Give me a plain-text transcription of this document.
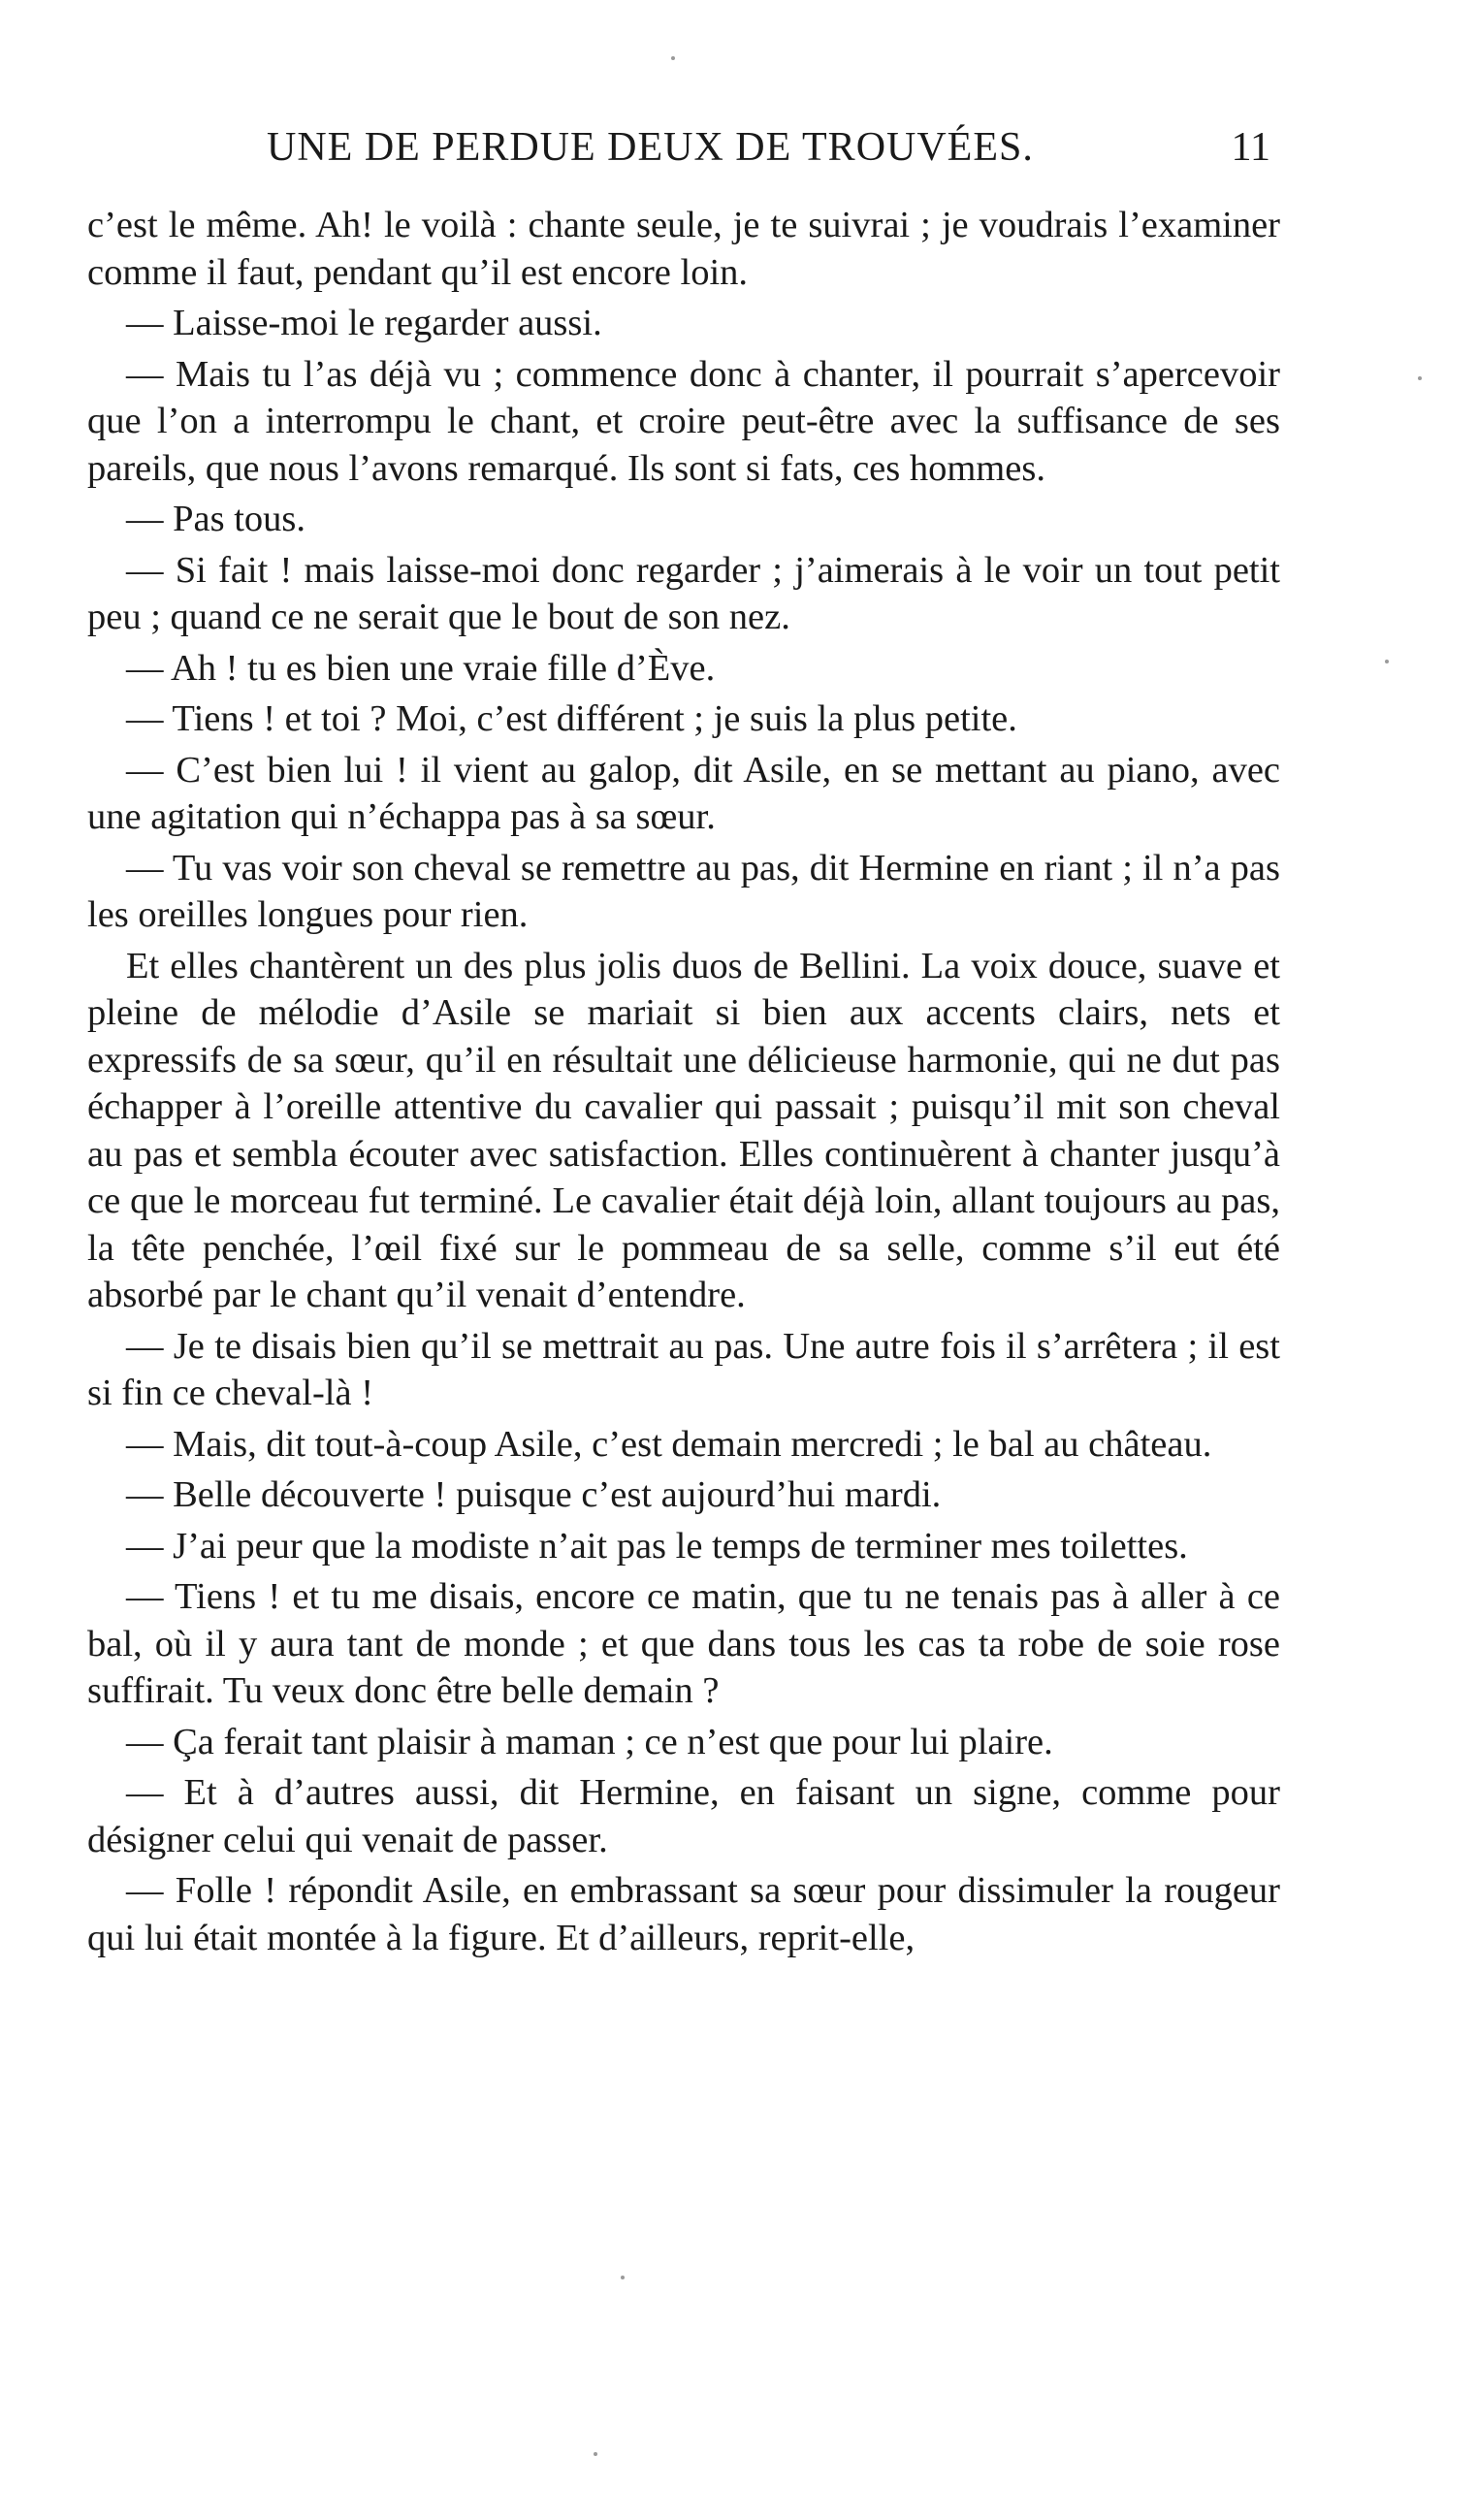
UNE DE PERDUE DEUX DE TROUVÉES.	11

c’est le même. Ah! le voilà : chante seule, je te suivrai ; je voudrais l’examiner comme il faut, pendant qu’il est encore loin.

— Laisse-moi le regarder aussi.

— Mais tu l’as déjà vu ; commence donc à chanter, il pourrait s’apercevoir que l’on a interrompu le chant, et croire peut-être avec la suffisance de ses pareils, que nous l’avons remarqué. Ils sont si fats, ces hommes.

— Pas tous.

— Si fait ! mais laisse-moi donc regarder ; j’aimerais à le voir un tout petit peu ; quand ce ne serait que le bout de son nez.

— Ah ! tu es bien une vraie fille d’Ève.

— Tiens ! et toi ? Moi, c’est différent ; je suis la plus petite.

— C’est bien lui ! il vient au galop, dit Asile, en se mettant au piano, avec une agitation qui n’échappa pas à sa sœur.

— Tu vas voir son cheval se remettre au pas, dit Hermine en riant ; il n’a pas les oreilles longues pour rien.

Et elles chantèrent un des plus jolis duos de Bellini. La voix douce, suave et pleine de mélodie d’Asile se mariait si bien aux accents clairs, nets et expressifs de sa sœur, qu’il en résultait une délicieuse harmonie, qui ne dut pas échapper à l’oreille attentive du cavalier qui passait ; puisqu’il mit son cheval au pas et sembla écouter avec satisfaction. Elles continuèrent à chanter jusqu’à ce que le morceau fut terminé. Le cavalier était déjà loin, allant toujours au pas, la tête penchée, l’œil fixé sur le pommeau de sa selle, comme s’il eut été absorbé par le chant qu’il venait d’entendre.

— Je te disais bien qu’il se mettrait au pas. Une autre fois il s’arrêtera ; il est si fin ce cheval-là !

— Mais, dit tout-à-coup Asile, c’est demain mercredi ; le bal au château.

— Belle découverte ! puisque c’est aujourd’hui mardi.

— J’ai peur que la modiste n’ait pas le temps de terminer mes toilettes.

— Tiens ! et tu me disais, encore ce matin, que tu ne tenais pas à aller à ce bal, où il y aura tant de monde ; et que dans tous les cas ta robe de soie rose suffirait. Tu veux donc être belle demain ?

— Ça ferait tant plaisir à maman ; ce n’est que pour lui plaire.

— Et à d’autres aussi, dit Hermine, en faisant un signe, comme pour désigner celui qui venait de passer.

— Folle ! répondit Asile, en embrassant sa sœur pour dissimuler la rougeur qui lui était montée à la figure. Et d’ailleurs, reprit-elle,
